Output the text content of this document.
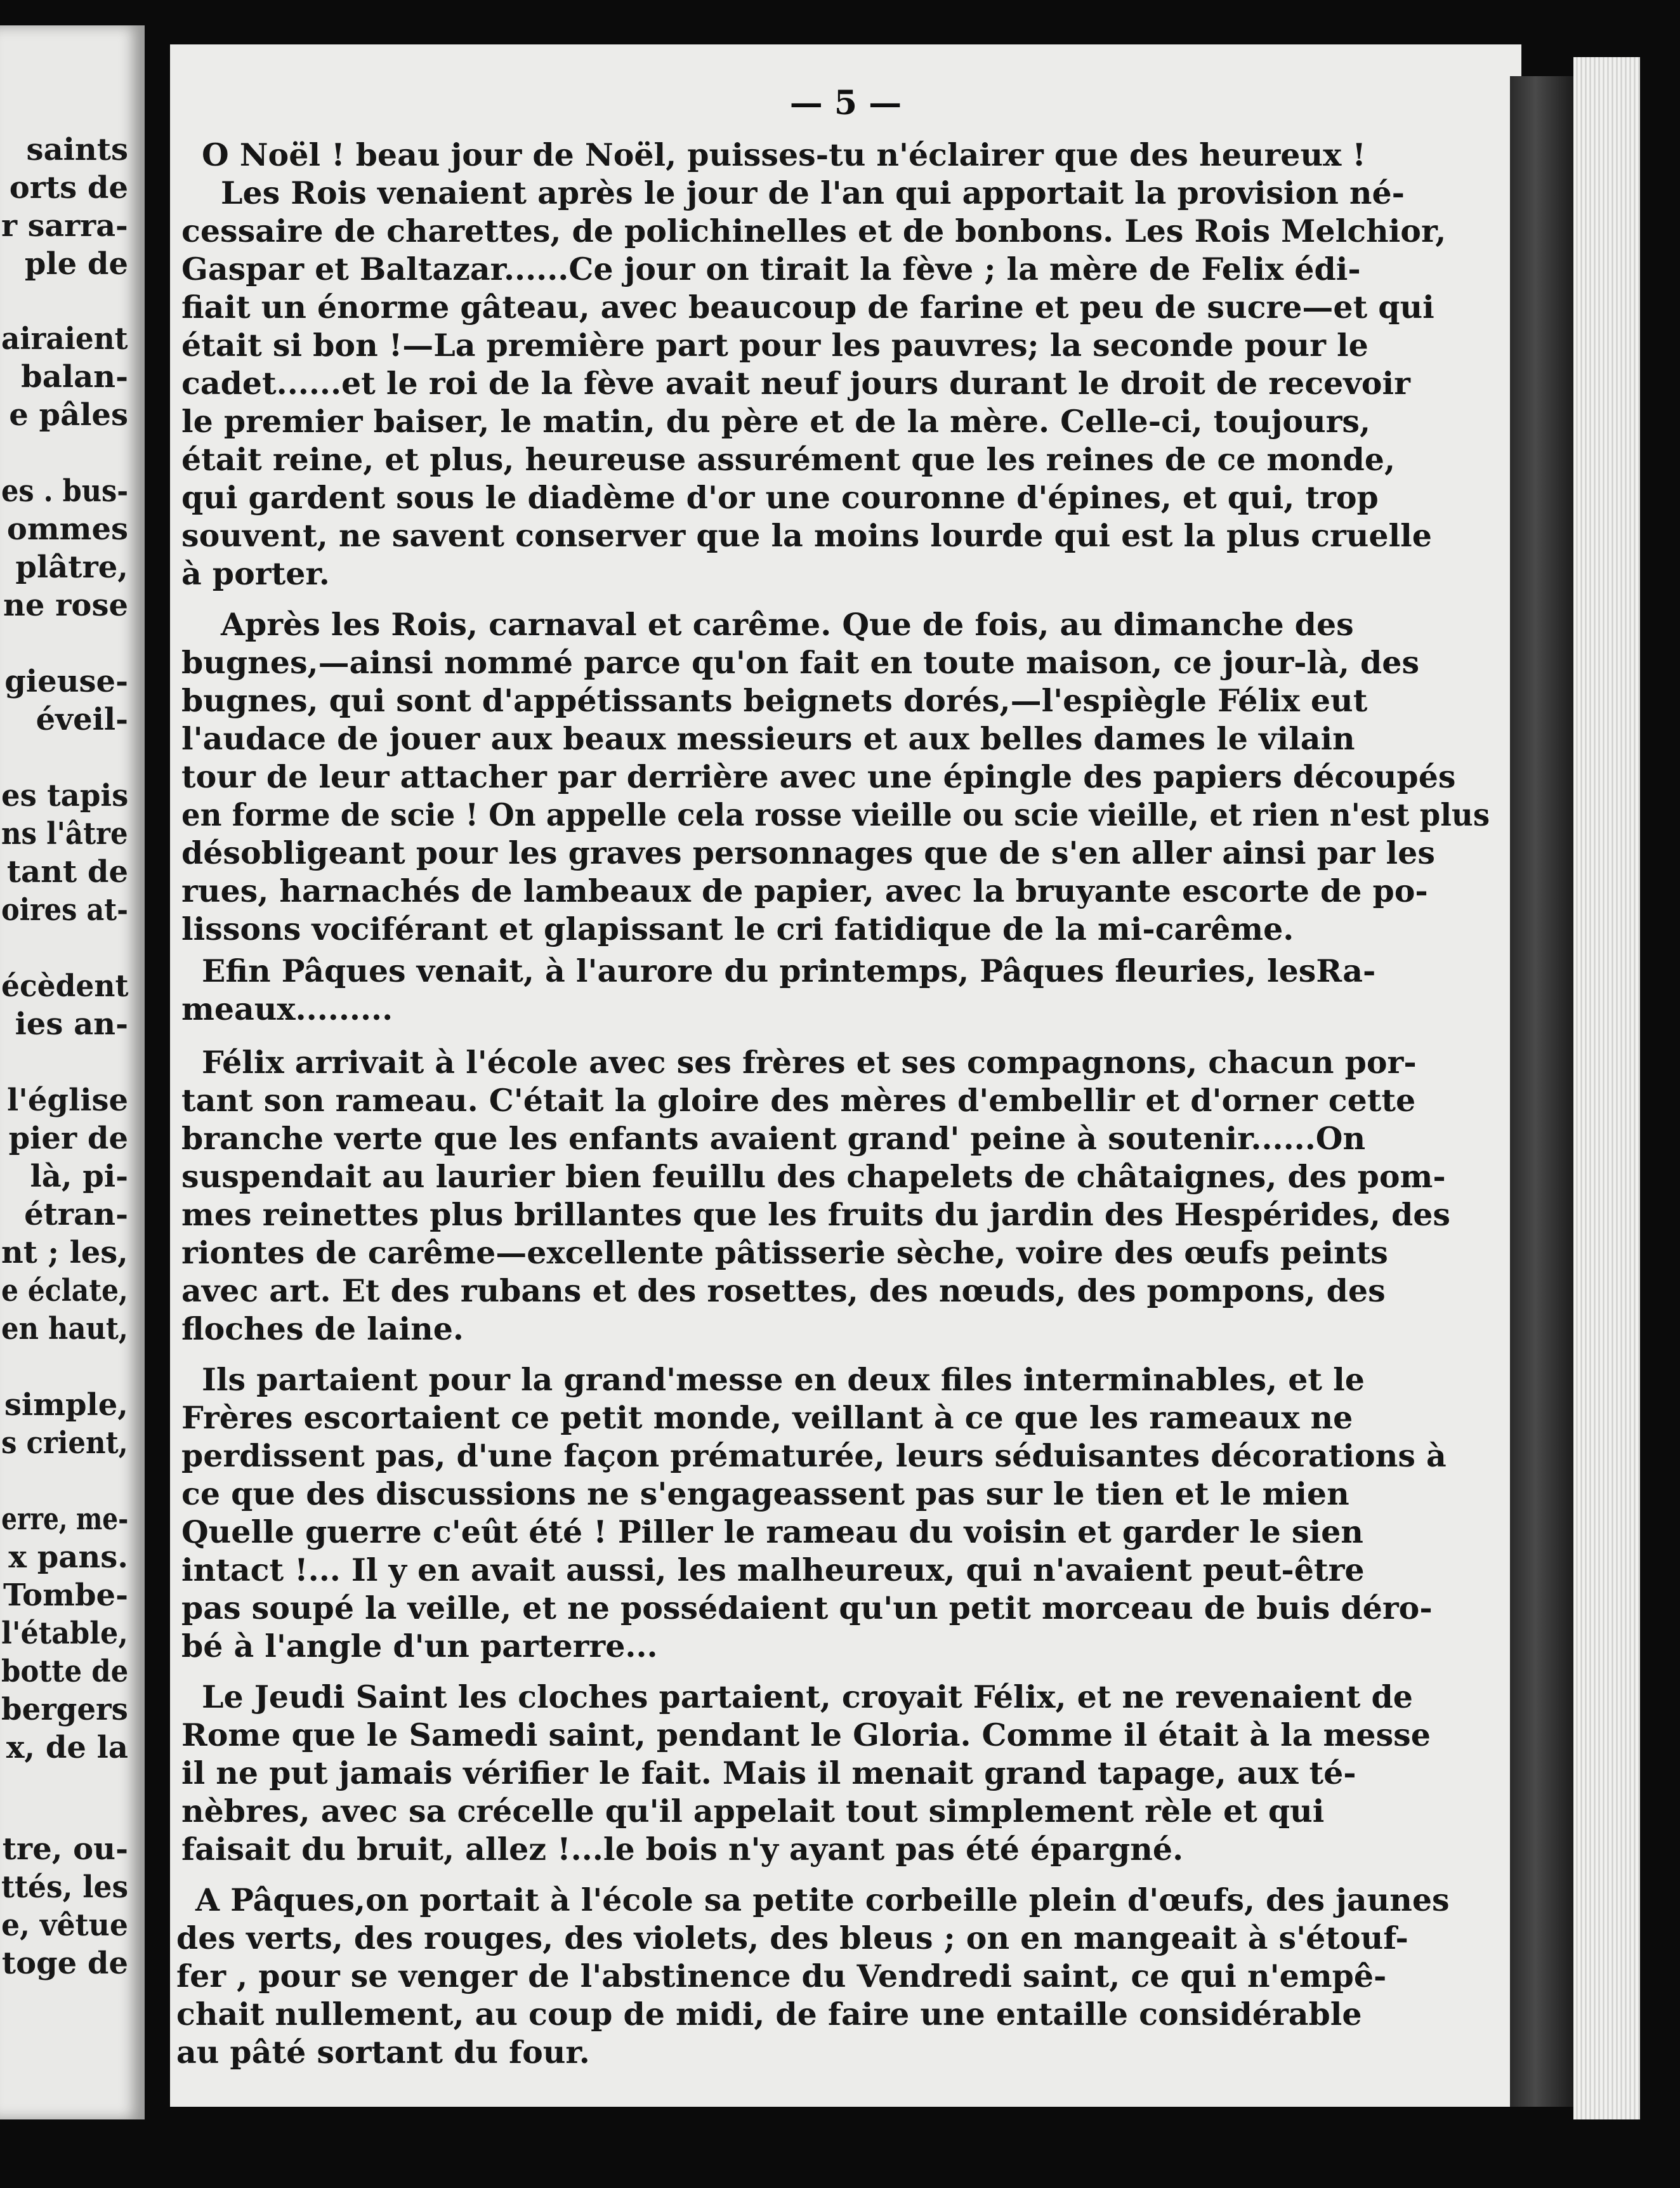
saints

orts de

r sarra-

ple de

airaient

balan-

e pâles

es . bus-

ommes

plâtre,

ne rose

gieuse-

éveil-

es tapis

ns l'âtre

tant de

oires at-

écèdent

ies an-

l'église

pier de

là, pi-

étran-

nt ; les,

e éclate,

en haut,

simple,

s crient,

erre, me-

x pans.

Tombe-

l'étable,

botte de

bergers

x, de la

tre, ou-

ttés, les

e, vêtue

toge de

— 5 —

O Noël ! beau jour de Noël, puisses-tu n'éclairer que des heureux !

Les Rois venaient après le jour de l'an qui apportait la provision né-

cessaire de charettes, de polichinelles et de bonbons. Les Rois Melchior,

Gaspar et Baltazar......Ce jour on tirait la fève ; la mère de Felix édi-

fiait un énorme gâteau, avec beaucoup de farine et peu de sucre—et qui

était si bon !—La première part pour les pauvres; la seconde pour le

cadet......et le roi de la fève avait neuf jours durant le droit de recevoir

le premier baiser, le matin, du père et de la mère. Celle-ci, toujours,

était reine, et plus, heureuse assurément que les reines de ce monde,

qui gardent sous le diadème d'or une couronne d'épines, et qui, trop

souvent, ne savent conserver que la moins lourde qui est la plus cruelle

à porter.

Après les Rois, carnaval et carême. Que de fois, au dimanche des

bugnes,—ainsi nommé parce qu'on fait en toute maison, ce jour-là, des

bugnes, qui sont d'appétissants beignets dorés,—l'espiègle Félix eut

l'audace de jouer aux beaux messieurs et aux belles dames le vilain

tour de leur attacher par derrière avec une épingle des papiers découpés

en forme de scie ! On appelle cela rosse vieille ou scie vieille, et rien n'est plus

désobligeant pour les graves personnages que de s'en aller ainsi par les

rues, harnachés de lambeaux de papier, avec la bruyante escorte de po-

lissons vociférant et glapissant le cri fatidique de la mi-carême.

Efin Pâques venait, à l'aurore du printemps, Pâques fleuries, lesRa-

meaux.........

Félix arrivait à l'école avec ses frères et ses compagnons, chacun por-

tant son rameau. C'était la gloire des mères d'embellir et d'orner cette

branche verte que les enfants avaient grand' peine à soutenir......On

suspendait au laurier bien feuillu des chapelets de châtaignes, des pom-

mes reinettes plus brillantes que les fruits du jardin des Hespérides, des

riontes de carême—excellente pâtisserie sèche, voire des œufs peints

avec art. Et des rubans et des rosettes, des nœuds, des pompons, des

floches de laine.

Ils partaient pour la grand'messe en deux files interminables, et le

Frères escortaient ce petit monde, veillant à ce que les rameaux ne

perdissent pas, d'une façon prématurée, leurs séduisantes décorations à

ce que des discussions ne s'engageassent pas sur le tien et le mien

Quelle guerre c'eût été ! Piller le rameau du voisin et garder le sien

intact !... Il y en avait aussi, les malheureux, qui n'avaient peut-être

pas soupé la veille, et ne possédaient qu'un petit morceau de buis déro-

bé à l'angle d'un parterre...

Le Jeudi Saint les cloches partaient, croyait Félix, et ne revenaient de

Rome que le Samedi saint, pendant le Gloria. Comme il était à la messe

il ne put jamais vérifier le fait. Mais il menait grand tapage, aux té-

nèbres, avec sa crécelle qu'il appelait tout simplement rèle et qui

faisait du bruit, allez !...le bois n'y ayant pas été épargné.

A Pâques,on portait à l'école sa petite corbeille plein d'œufs, des jaunes

des verts, des rouges, des violets, des bleus ; on en mangeait à s'étouf-

fer , pour se venger de l'abstinence du Vendredi saint, ce qui n'empê-

chait nullement, au coup de midi, de faire une entaille considérable

au pâté sortant du four.
